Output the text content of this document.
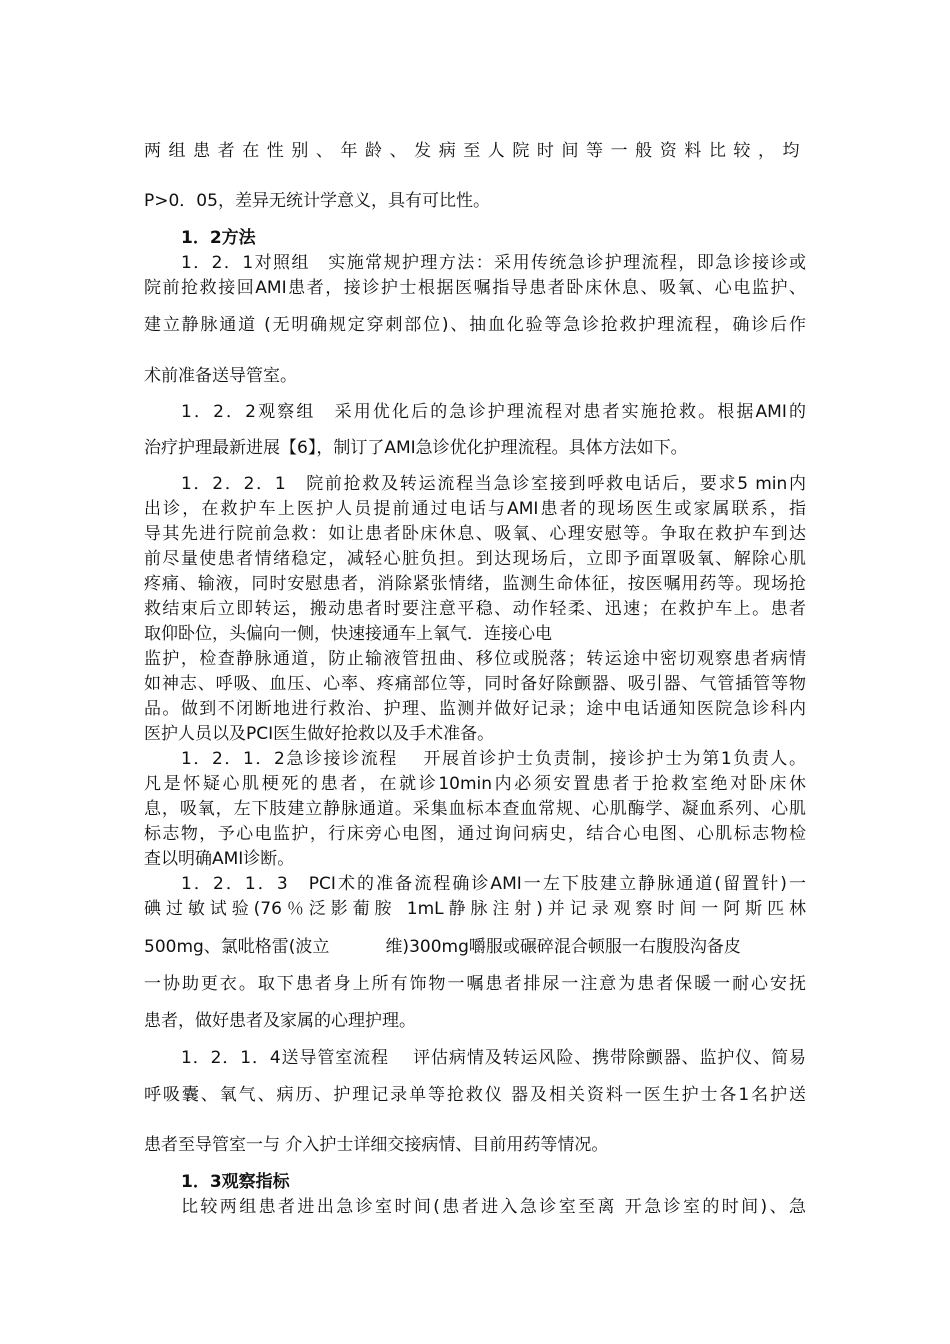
两组患者在性别、年龄、发病至人院时间等一般资料比较，均
P>0．05，差异无统计学意义，具有可比性。
1．2方法
1．2．1对照组　实施常规护理方法：采用传统急诊护理流程，即急诊接诊或
院前抢救接回AMI患者，接诊护士根据医嘱指导患者卧床休息、吸氧、心电监护、
建立静脉通道 (无明确规定穿刺部位)、抽血化验等急诊抢救护理流程，确诊后作
术前准备送导管室。
1．2．2观察组　采用优化后的急诊护理流程对患者实施抢救。根据AMI的
治疗护理最新进展【6】，制订了AMI急诊优化护理流程。具体方法如下。
1．2．2．1　院前抢救及转运流程当急诊室接到呼救电话后，要求5 min内
出诊，在救护车上医护人员提前通过电话与AMI患者的现场医生或家属联系，指
导其先进行院前急救：如让患者卧床休息、吸氧、心理安慰等。争取在救护车到达
前尽量使患者情绪稳定，减轻心脏负担。到达现场后，立即予面罩吸氧、解除心肌
疼痛、输液，同时安慰患者，消除紧张情绪，监测生命体征，按医嘱用药等。现场抢
救结束后立即转运，搬动患者时要注意平稳、动作轻柔、迅速；在救护车上。患者
取仰卧位，头偏向一侧，快速接通车上氧气．连接心电
监护，检查静脉通道，防止输液管扭曲、移位或脱落；转运途中密切观察患者病情
如神志、呼吸、血压、心率、疼痛部位等，同时备好除颤器、吸引器、气管插管等物
品。做到不闭断地进行救治、护理、监测并做好记录；途中电话通知医院急诊科内
医护人员以及PCI医生做好抢救以及手术准备。
1．2．1．2急诊接诊流程　 开展首诊护士负责制，接诊护士为第1负责人。
凡是怀疑心肌梗死的患者，在就诊10min内必须安置患者于抢救室绝对卧床休
息，吸氧，左下肢建立静脉通道。采集血标本查血常规、心肌酶学、凝血系列、心肌
标志物，予心电监护，行床旁心电图，通过询问病史，结合心电图、心肌标志物检
查以明确AMI诊断。
1．2．1．3　PCI术的准备流程确诊AMI一左下肢建立静脉通道(留置针)一
碘过敏试验(76％泛影葡胺 1mL静脉注射)并记录观察时间一阿斯匹林
500mg、氯吡格雷(波立	维)300mg嚼服或碾碎混合顿服一右腹股沟备皮
一协助更衣。取下患者身上所有饰物一嘱患者排尿一注意为患者保暖一耐心安抚
患者，做好患者及家属的心理护理。
1．2．1．4送导管室流程　 评估病情及转运风险、携带除颤器、监护仪、简易
呼吸囊、氧气、病历、护理记录单等抢救仪 器及相关资料一医生护士各1名护送
患者至导管室一与 介入护士详细交接病情、目前用药等情况。
1．3观察指标
比较两组患者进出急诊室时间(患者进入急诊室至离 开急诊室的时间)、急
